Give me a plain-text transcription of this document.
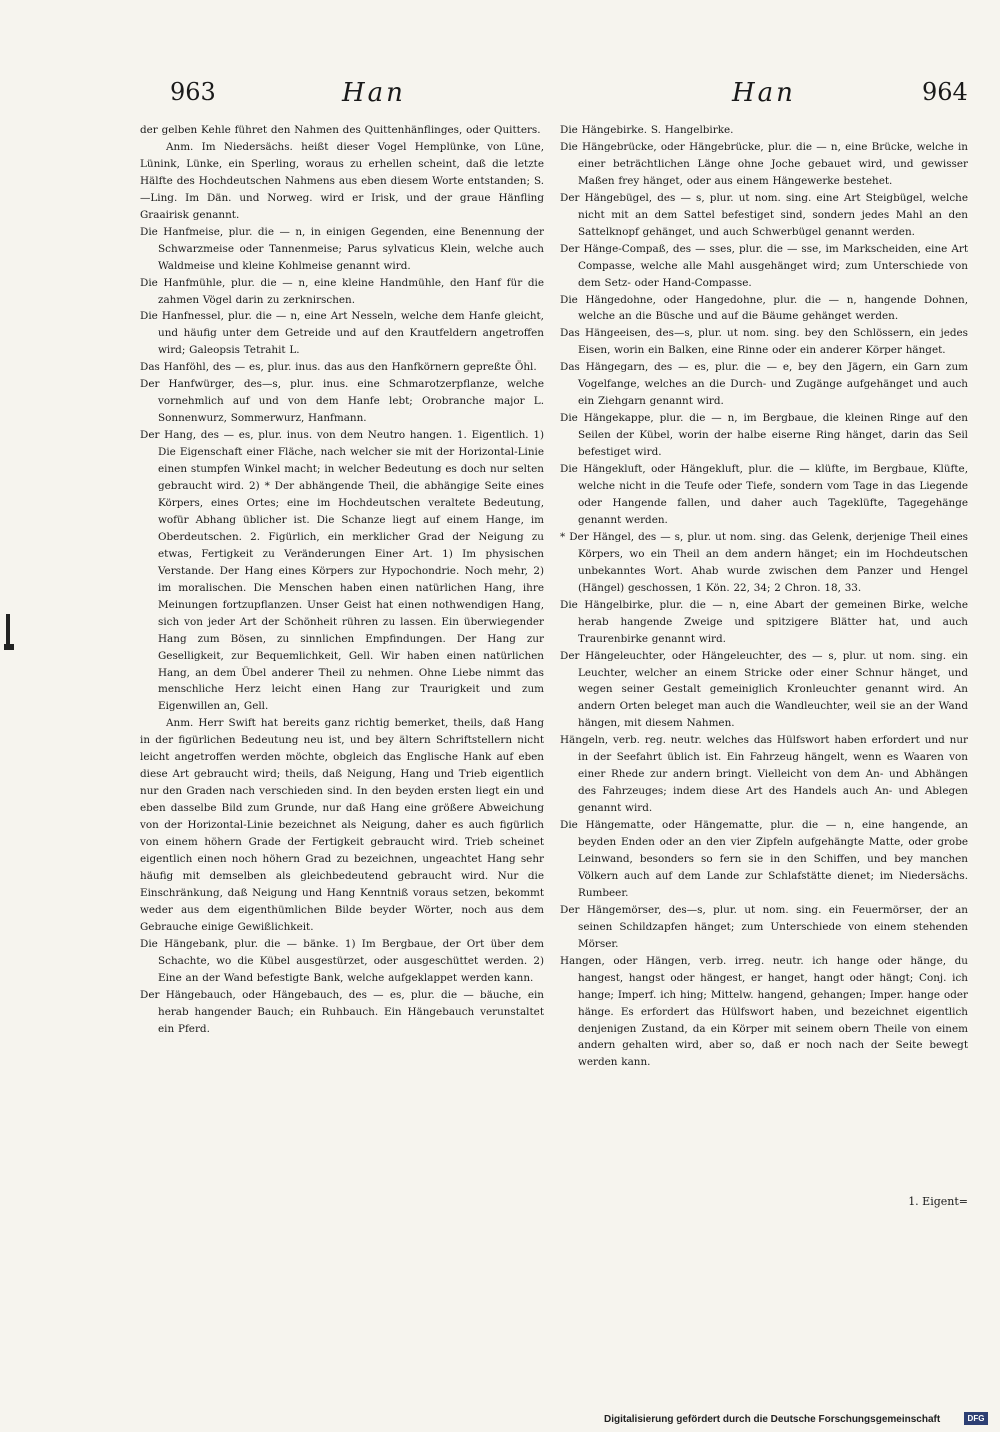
963	Han	Han	964

der gelben Kehle führet den Nahmen des Quittenhänflinges, oder Quitters.

Anm. Im Niedersächs. heißt dieser Vogel Hemplünke, von Lüne, Lünink, Lünke, ein Sperling, woraus zu erhellen scheint, daß die letzte Hälfte des Hochdeutschen Nahmens aus eben diesem Worte entstanden; S. —Ling. Im Dän. und Norweg. wird er Irisk, und der graue Hänfling Graairisk genannt.

Die Hanfmeise, plur. die — n, in einigen Gegenden, eine Benennung der Schwarzmeise oder Tannenmeise; Parus sylvaticus Klein, welche auch Waldmeise und kleine Kohlmeise genannt wird.

Die Hanfmühle, plur. die — n, eine kleine Handmühle, den Hanf für die zahmen Vögel darin zu zerknirschen.

Die Hanfnessel, plur. die — n, eine Art Nesseln, welche dem Hanfe gleicht, und häufig unter dem Getreide und auf den Krautfeldern angetroffen wird; Galeopsis Tetrahit L.

Das Hanföhl, des — es, plur. inus. das aus den Hanfkörnern gepreßte Öhl.

Der Hanfwürger, des—s, plur. inus. eine Schmarotzerpflanze, welche vornehmlich auf und von dem Hanfe lebt; Orobranche major L. Sonnenwurz, Sommerwurz, Hanfmann.

Der Hang, des — es, plur. inus. von dem Neutro hangen. 1. Eigentlich. 1) Die Eigenschaft einer Fläche, nach welcher sie mit der Horizontal-Linie einen stumpfen Winkel macht; in welcher Bedeutung es doch nur selten gebraucht wird. 2) * Der abhängende Theil, die abhängige Seite eines Körpers, eines Ortes; eine im Hochdeutschen veraltete Bedeutung, wofür Abhang üblicher ist. Die Schanze liegt auf einem Hange, im Oberdeutschen. 2. Figürlich, ein merklicher Grad der Neigung zu etwas, Fertigkeit zu Veränderungen Einer Art. 1) Im physischen Verstande. Der Hang eines Körpers zur Hypochondrie. Noch mehr, 2) im moralischen. Die Menschen haben einen natürlichen Hang, ihre Meinungen fortzupflanzen. Unser Geist hat einen nothwendigen Hang, sich von jeder Art der Schönheit rühren zu lassen. Ein überwiegender Hang zum Bösen, zu sinnlichen Empfindungen. Der Hang zur Geselligkeit, zur Bequemlichkeit, Gell. Wir haben einen natürlichen Hang, an dem Übel anderer Theil zu nehmen. Ohne Liebe nimmt das menschliche Herz leicht einen Hang zur Traurigkeit und zum Eigenwillen an, Gell.

Anm. Herr Swift hat bereits ganz richtig bemerket, theils, daß Hang in der figürlichen Bedeutung neu ist, und bey ältern Schriftstellern nicht leicht angetroffen werden möchte, obgleich das Englische Hank auf eben diese Art gebraucht wird; theils, daß Neigung, Hang und Trieb eigentlich nur den Graden nach verschieden sind. In den beyden ersten liegt ein und eben dasselbe Bild zum Grunde, nur daß Hang eine größere Abweichung von der Horizontal-Linie bezeichnet als Neigung, daher es auch figürlich von einem höhern Grade der Fertigkeit gebraucht wird. Trieb scheinet eigentlich einen noch höhern Grad zu bezeichnen, ungeachtet Hang sehr häufig mit demselben als gleichbedeutend gebraucht wird. Nur die Einschränkung, daß Neigung und Hang Kenntniß voraus setzen, bekommt weder aus dem eigenthümlichen Bilde beyder Wörter, noch aus dem Gebrauche einige Gewißlichkeit.

Die Hängebank, plur. die — bänke. 1) Im Bergbaue, der Ort über dem Schachte, wo die Kübel ausgestürzet, oder ausgeschüttet werden. 2) Eine an der Wand befestigte Bank, welche aufgeklappet werden kann.

Der Hängebauch, oder Hängebauch, des — es, plur. die — bäuche, ein herab hangender Bauch; ein Ruhbauch. Ein Hängebauch verunstaltet ein Pferd.

Die Hängebirke. S. Hangelbirke.

Die Hängebrücke, oder Hängebrücke, plur. die — n, eine Brücke, welche in einer beträchtlichen Länge ohne Joche gebauet wird, und gewisser Maßen frey hänget, oder aus einem Hängewerke bestehet.

Der Hängebügel, des — s, plur. ut nom. sing. eine Art Steigbügel, welche nicht mit an dem Sattel befestiget sind, sondern jedes Mahl an den Sattelknopf gehänget, und auch Schwerbügel genannt werden.

Der Hänge-Compaß, des — sses, plur. die — sse, im Markscheiden, eine Art Compasse, welche alle Mahl ausgehänget wird; zum Unterschiede von dem Setz- oder Hand-Compasse.

Die Hängedohne, oder Hangedohne, plur. die — n, hangende Dohnen, welche an die Büsche und auf die Bäume gehänget werden.

Das Hängeeisen, des—s, plur. ut nom. sing. bey den Schlössern, ein jedes Eisen, worin ein Balken, eine Rinne oder ein anderer Körper hänget.

Das Hängegarn, des — es, plur. die — e, bey den Jägern, ein Garn zum Vogelfange, welches an die Durch- und Zugänge aufgehänget und auch ein Ziehgarn genannt wird.

Die Hängekappe, plur. die — n, im Bergbaue, die kleinen Ringe auf den Seilen der Kübel, worin der halbe eiserne Ring hänget, darin das Seil befestiget wird.

Die Hängekluft, oder Hängekluft, plur. die — klüfte, im Bergbaue, Klüfte, welche nicht in die Teufe oder Tiefe, sondern vom Tage in das Liegende oder Hangende fallen, und daher auch Tageklüfte, Tagegehänge genannt werden.

* Der Hängel, des — s, plur. ut nom. sing. das Gelenk, derjenige Theil eines Körpers, wo ein Theil an dem andern hänget; ein im Hochdeutschen unbekanntes Wort. Ahab wurde zwischen dem Panzer und Hengel (Hängel) geschossen, 1 Kön. 22, 34; 2 Chron. 18, 33.

Die Hängelbirke, plur. die — n, eine Abart der gemeinen Birke, welche herab hangende Zweige und spitzigere Blätter hat, und auch Traurenbirke genannt wird.

Der Hängeleuchter, oder Hängeleuchter, des — s, plur. ut nom. sing. ein Leuchter, welcher an einem Stricke oder einer Schnur hänget, und wegen seiner Gestalt gemeiniglich Kronleuchter genannt wird. An andern Orten beleget man auch die Wandleuchter, weil sie an der Wand hängen, mit diesem Nahmen.

Hängeln, verb. reg. neutr. welches das Hülfswort haben erfordert und nur in der Seefahrt üblich ist. Ein Fahrzeug hängelt, wenn es Waaren von einer Rhede zur andern bringt. Vielleicht von dem An- und Abhängen des Fahrzeuges; indem diese Art des Handels auch An- und Ablegen genannt wird.

Die Hängematte, oder Hängematte, plur. die — n, eine hangende, an beyden Enden oder an den vier Zipfeln aufgehängte Matte, oder grobe Leinwand, besonders so fern sie in den Schiffen, und bey manchen Völkern auch auf dem Lande zur Schlafstätte dienet; im Niedersächs. Rumbeer.

Der Hängemörser, des—s, plur. ut nom. sing. ein Feuermörser, der an seinen Schildzapfen hänget; zum Unterschiede von einem stehenden Mörser.

Hangen, oder Hängen, verb. irreg. neutr. ich hange oder hänge, du hangest, hangst oder hängest, er hanget, hangt oder hängt; Conj. ich hange; Imperf. ich hing; Mittelw. hangend, gehangen; Imper. hange oder hänge. Es erfordert das Hülfswort haben, und bezeichnet eigentlich denjenigen Zustand, da ein Körper mit seinem obern Theile von einem andern gehalten wird, aber so, daß er noch nach der Seite bewegt werden kann.

1. Eigent=
Digitalisierung gefördert durch die Deutsche Forschungsgemeinschaft	DFG
